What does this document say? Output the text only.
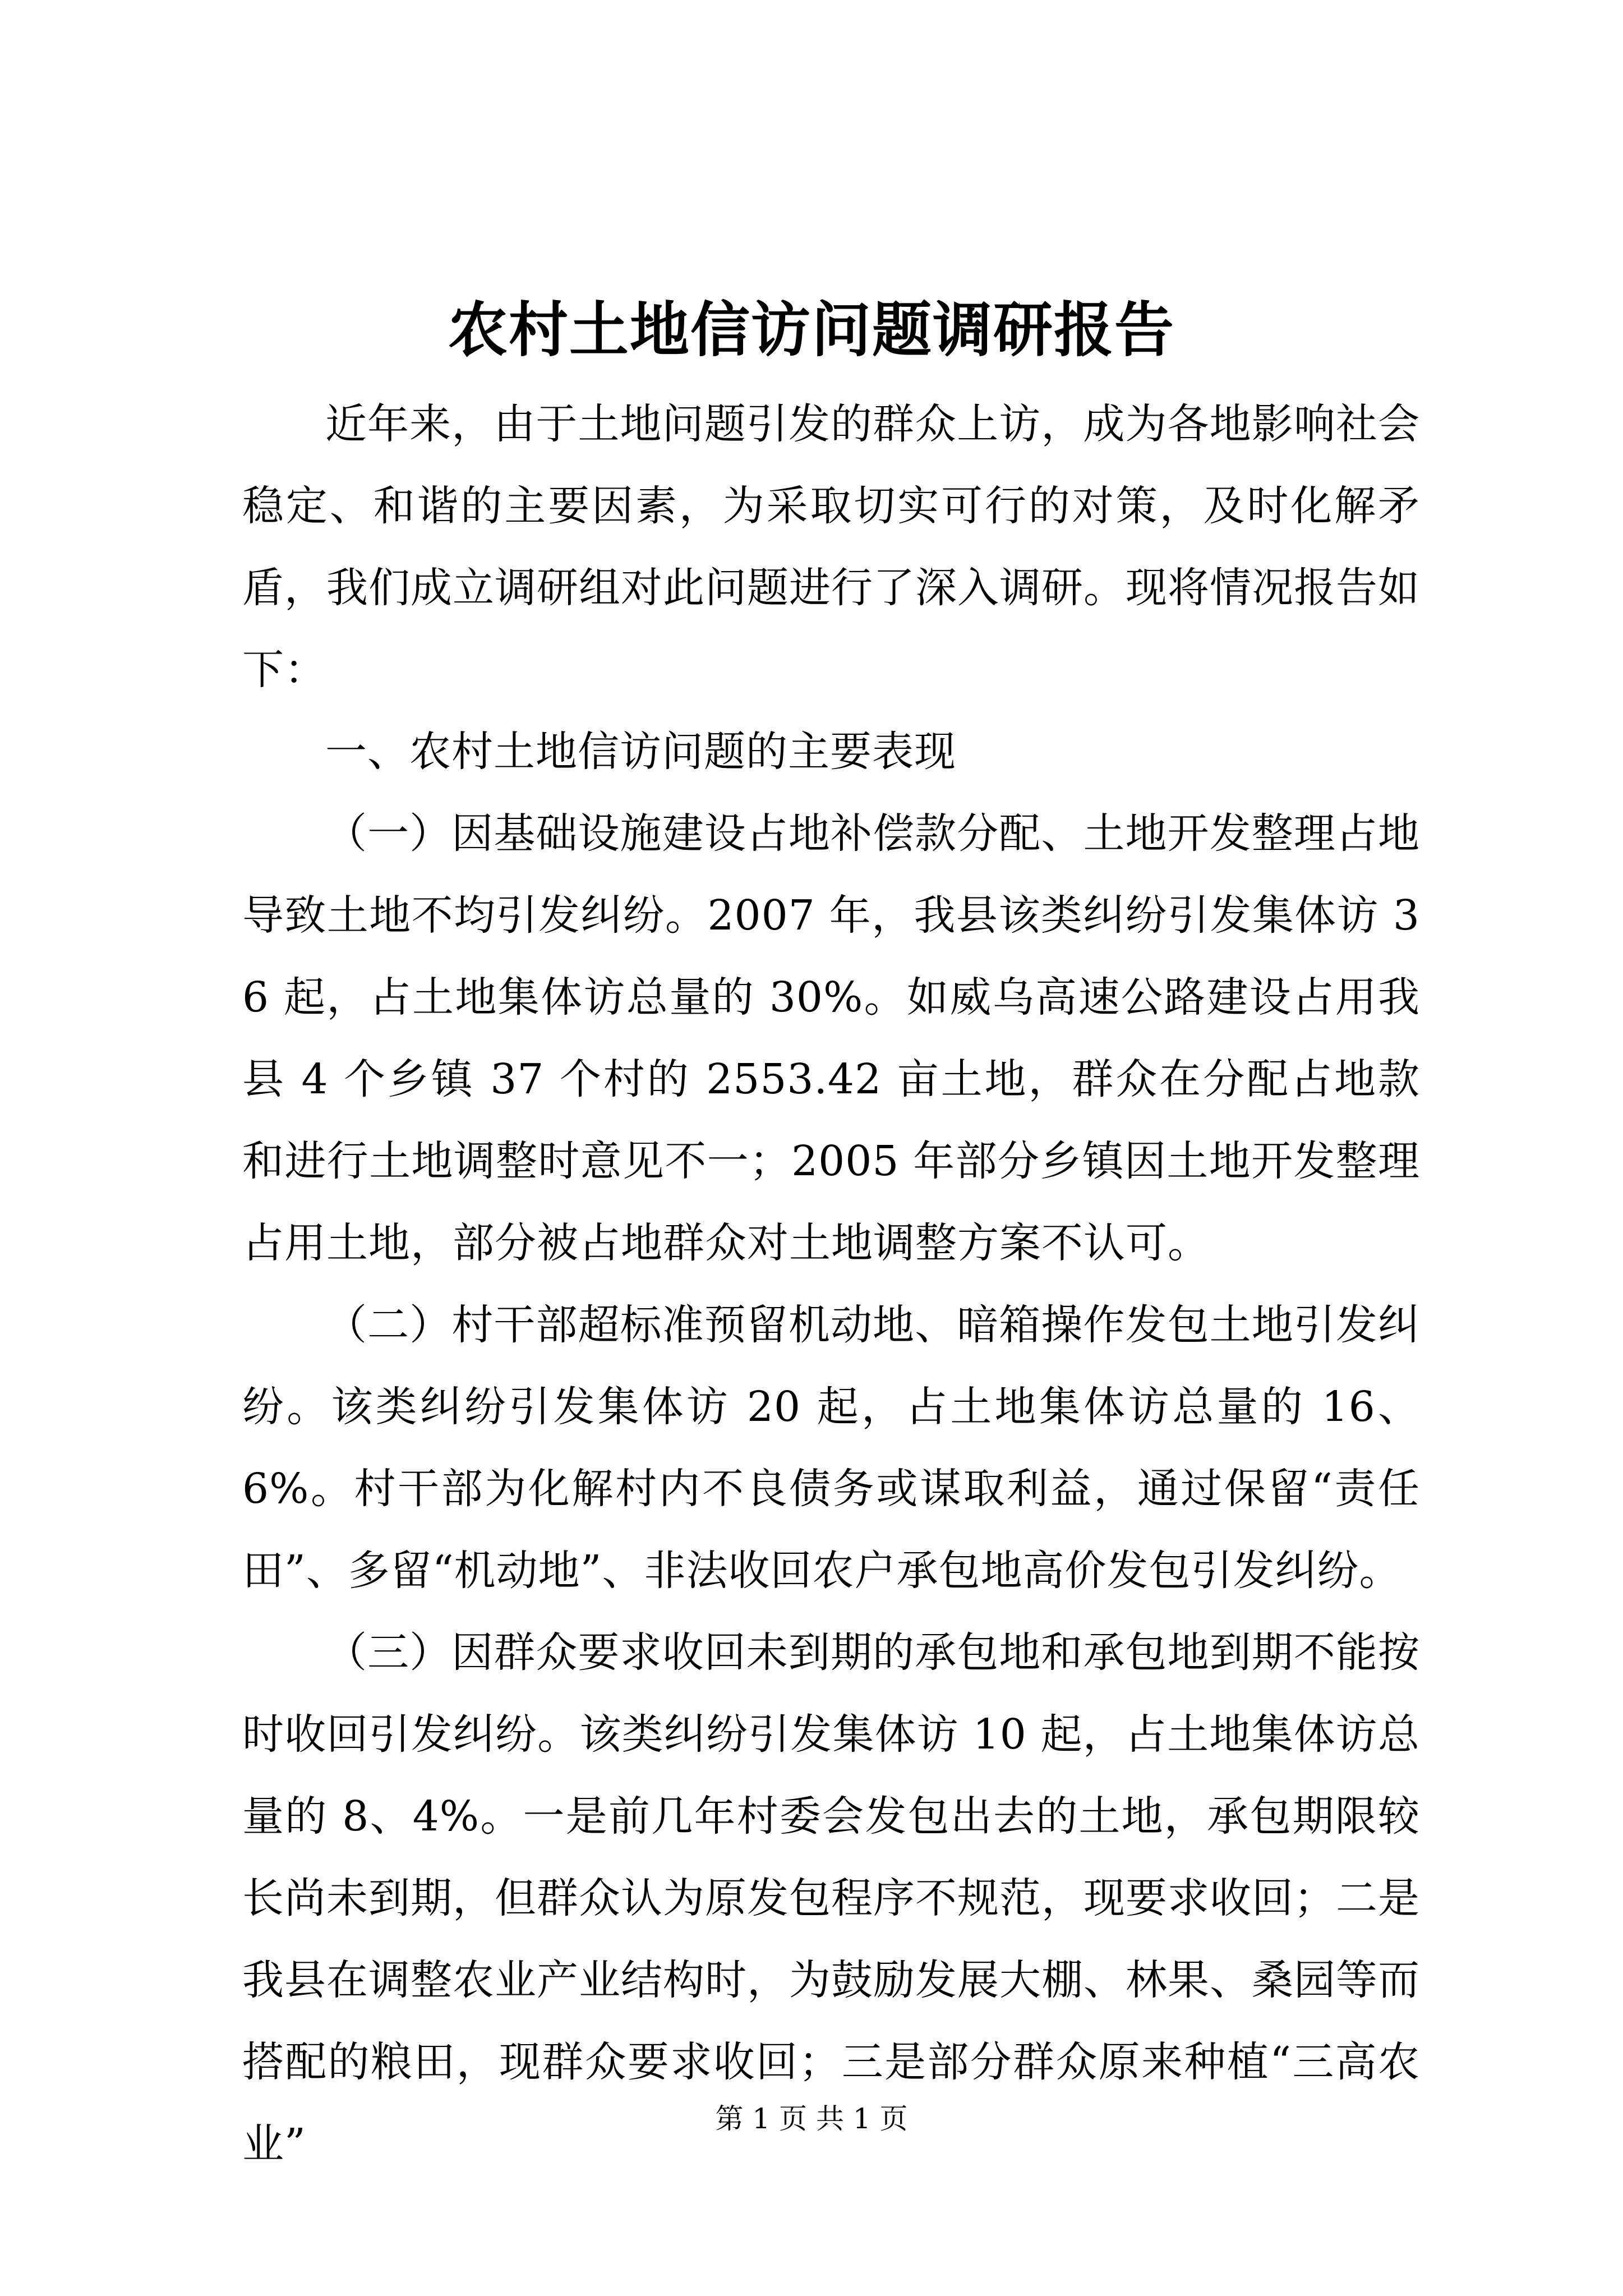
农村土地信访问题调研报告

近年来，由于土地问题引发的群众上访，成为各地影响社会稳定、和谐的主要因素，为采取切实可行的对策，及时化解矛盾，我们成立调研组对此问题进行了深入调研。现将情况报告如下：

一、农村土地信访问题的主要表现

（一）因基础设施建设占地补偿款分配、土地开发整理占地导致土地不均引发纠纷。2007 年，我县该类纠纷引发集体访 36 起，占土地集体访总量的 30%。如威乌高速公路建设占用我县 4 个乡镇 37 个村的 2553.42 亩土地，群众在分配占地款和进行土地调整时意见不一；2005 年部分乡镇因土地开发整理占用土地，部分被占地群众对土地调整方案不认可。

（二）村干部超标准预留机动地、暗箱操作发包土地引发纠纷。该类纠纷引发集体访 20 起，占土地集体访总量的 16、6%。村干部为化解村内不良债务或谋取利益，通过保留“责任田”、多留“机动地”、非法收回农户承包地高价发包引发纠纷。

（三）因群众要求收回未到期的承包地和承包地到期不能按时收回引发纠纷。该类纠纷引发集体访 10 起，占土地集体访总量的 8、4%。一是前几年村委会发包出去的土地，承包期限较长尚未到期，但群众认为原发包程序不规范，现要求收回；二是我县在调整农业产业结构时，为鼓励发展大棚、林果、桑园等而搭配的粮田，现群众要求收回；三是部分群众原来种植“三高农业”

第 1 页 共 1 页
